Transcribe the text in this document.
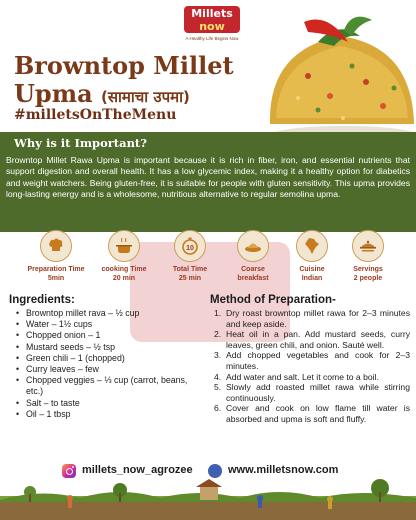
Millets
now
A Healthy Life Begins Now
Browntop Millet
Upma (सामाचा उपमा)
#milletsOnTheMenu
Why is it Important?

Browntop Millet Rawa Upma is important because it is rich in fiber, iron, and essential nutrients that support digestion and overall health. It has a low glycemic index, making it a healthy option for diabetics and weight watchers. Being gluten-free, it is suitable for people with gluten sensitivity. This upma provides long-lasting energy and is a wholesome, nutritious alternative to regular semolina upma.

Preparation Time
5min
cooking Time
20 min
10
Total Time
25 min
Coarse
breakfast
Cuisine
Indian
Servings
2 people
Ingredients:
• Browntop millet rava – ½ cup
• Water – 1½ cups
• Chopped onion – 1
• Mustard seeds – ½ tsp
• Green chili – 1 (chopped)
• Curry leaves – few
• Chopped veggies – ⅓ cup (carrot, beans, etc.)
• Salt – to taste
• Oil – 1 tbsp
Method of Preparation-
1. Dry roast browntop millet rawa for 2–3 minutes and keep aside.
2. Heat oil in a pan. Add mustard seeds, curry leaves, green chili, and onion. Sauté well.
3. Add chopped vegetables and cook for 2–3 minutes.
4. Add water and salt. Let it come to a boil.
5. Slowly add roasted millet rawa while stirring continuously.
6. Cover and cook on low flame till water is absorbed and upma is soft and fluffy.
millets_now_agrozee	www.milletsnow.com
